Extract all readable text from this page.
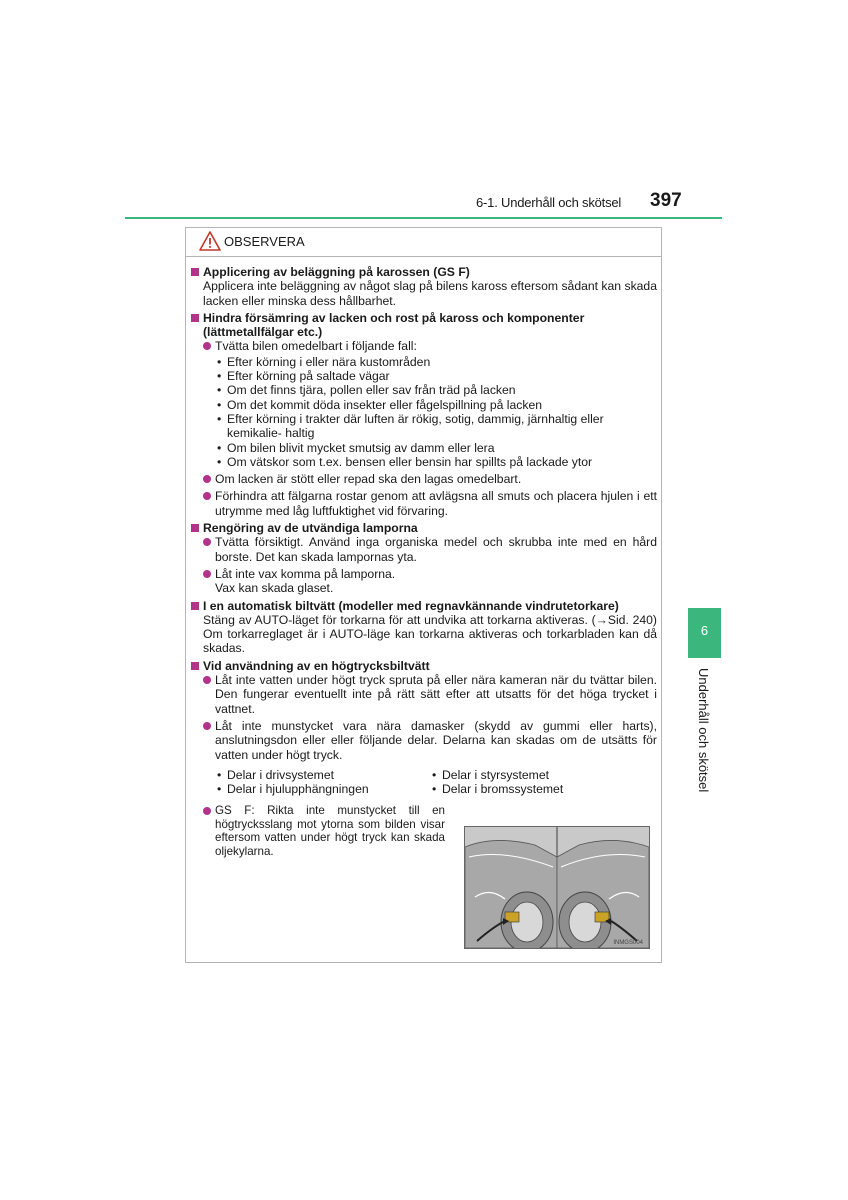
6-1. Underhåll och skötsel 397
OBSERVERA
Applicering av beläggning på karossen (GS F)
Applicera inte beläggning av något slag på bilens kaross eftersom sådant kan skada lacken eller minska dess hållbarhet.
Hindra försämring av lacken och rost på kaross och komponenter (lättmetallfälgar etc.)
Tvätta bilen omedelbart i följande fall:
• Efter körning i eller nära kustområden
• Efter körning på saltade vägar
• Om det finns tjära, pollen eller sav från träd på lacken
• Om det kommit döda insekter eller fågelspillning på lacken
• Efter körning i trakter där luften är rökig, sotig, dammig, järnhaltig eller kemikalie- haltig
• Om bilen blivit mycket smutsig av damm eller lera
• Om vätskor som t.ex. bensen eller bensin har spillts på lackade ytor
Om lacken är stött eller repad ska den lagas omedelbart.
Förhindra att fälgarna rostar genom att avlägsna all smuts och placera hjulen i ett utrymme med låg luftfuktighet vid förvaring.
Rengöring av de utvändiga lamporna
Tvätta försiktigt. Använd inga organiska medel och skrubba inte med en hård borste. Det kan skada lampornas yta.
Låt inte vax komma på lamporna.
Vax kan skada glaset.
I en automatisk biltvätt (modeller med regnavkännande vindrutetorkare)
Stäng av AUTO-läget för torkarna för att undvika att torkarna aktiveras. (→Sid. 240) Om torkarreglaget är i AUTO-läge kan torkarna aktiveras och torkarbladen kan då skadas.
Vid användning av en högtrycksbiltvätt
Låt inte vatten under högt tryck spruta på eller nära kameran när du tvättar bilen. Den fungerar eventuellt inte på rätt sätt efter att utsatts för det höga trycket i vattnet.
Låt inte munstycket vara nära damasker (skydd av gummi eller harts), anslutningsdon eller eller följande delar. Delarna kan skadas om de utsätts för vatten under högt tryck.
• Delar i drivsystemet
• Delar i hjulupphängningen
• Delar i styrsystemet
• Delar i bromssystemet
GS F: Rikta inte munstycket till en högtrycksslang mot ytorna som bilden visar eftersom vatten under högt tryck kan skada oljekylarna.
INMGS004
6
Underhåll och skötsel
